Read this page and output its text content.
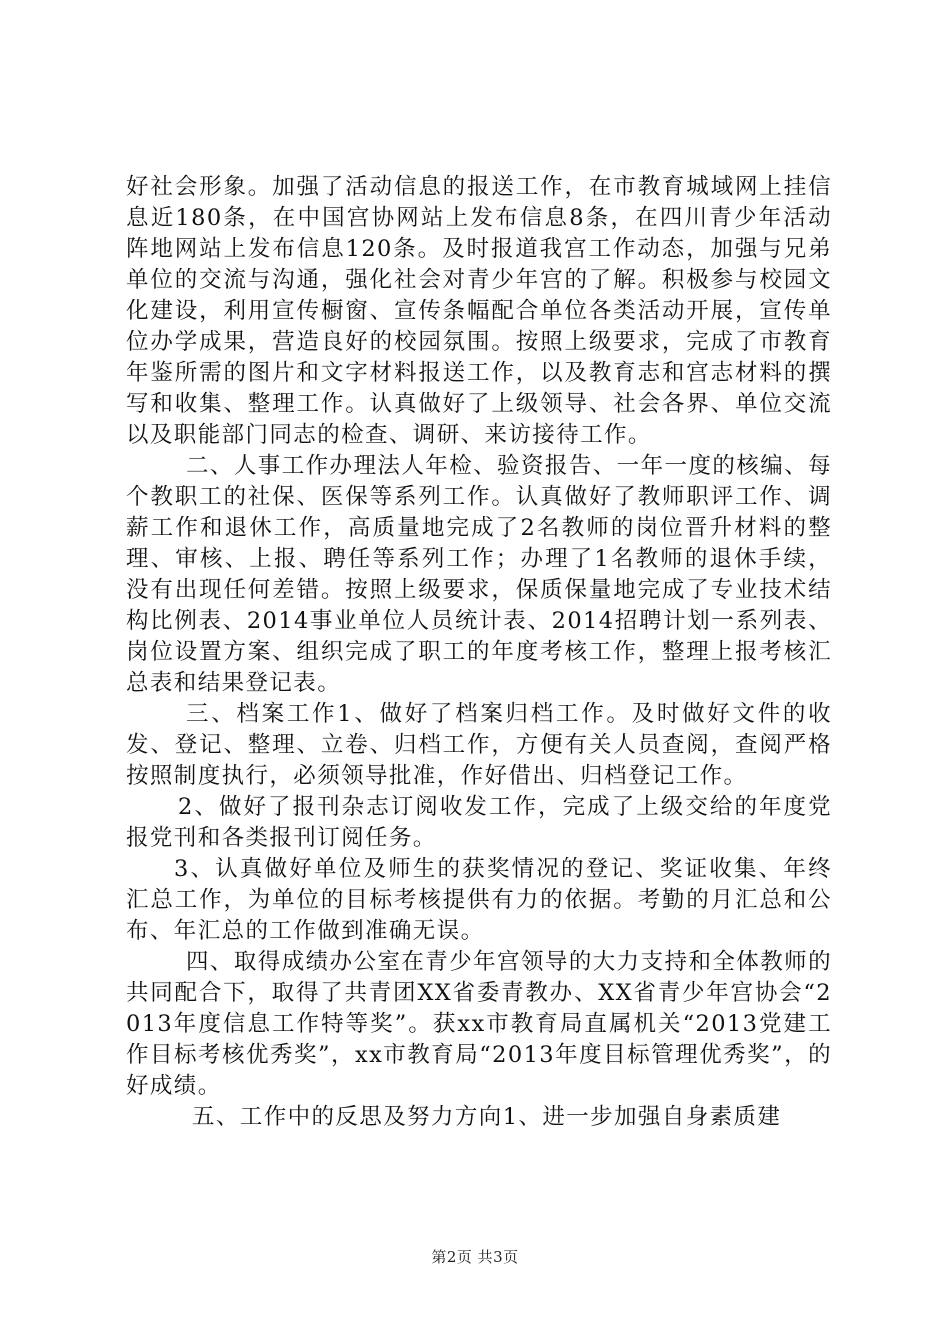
好社会形象。加强了活动信息的报送工作，在市教育城域网上挂信息近180条，在中国宫协网站上发布信息8条，在四川青少年活动阵地网站上发布信息120条。及时报道我宫工作动态，加强与兄弟单位的交流与沟通，强化社会对青少年宫的了解。积极参与校园文化建设，利用宣传橱窗、宣传条幅配合单位各类活动开展，宣传单位办学成果，营造良好的校园氛围。按照上级要求，完成了市教育年鉴所需的图片和文字材料报送工作，以及教育志和宫志材料的撰写和收集、整理工作。认真做好了上级领导、社会各界、单位交流以及职能部门同志的检查、调研、来访接待工作。

二、人事工作办理法人年检、验资报告、一年一度的核编、每个教职工的社保、医保等系列工作。认真做好了教师职评工作、调薪工作和退休工作，高质量地完成了2名教师的岗位晋升材料的整理、审核、上报、聘任等系列工作；办理了1名教师的退休手续，没有出现任何差错。按照上级要求，保质保量地完成了专业技术结构比例表、2014事业单位人员统计表、2014招聘计划一系列表、岗位设置方案、组织完成了职工的年度考核工作，整理上报考核汇总表和结果登记表。

三、档案工作1、做好了档案归档工作。及时做好文件的收发、登记、整理、立卷、归档工作，方便有关人员查阅，查阅严格按照制度执行，必须领导批准，作好借出、归档登记工作。

2、做好了报刊杂志订阅收发工作，完成了上级交给的年度党报党刊和各类报刊订阅任务。

3、认真做好单位及师生的获奖情况的登记、奖证收集、年终汇总工作，为单位的目标考核提供有力的依据。考勤的月汇总和公布、年汇总的工作做到准确无误。

四、取得成绩办公室在青少年宫领导的大力支持和全体教师的共同配合下，取得了共青团XX省委青教办、XX省青少年宫协会“2013年度信息工作特等奖”。获xx市教育局直属机关“2013党建工作目标考核优秀奖”，xx市教育局“2013年度目标管理优秀奖”，的好成绩。

五、工作中的反思及努力方向1、进一步加强自身素质建

第2页 共3页
